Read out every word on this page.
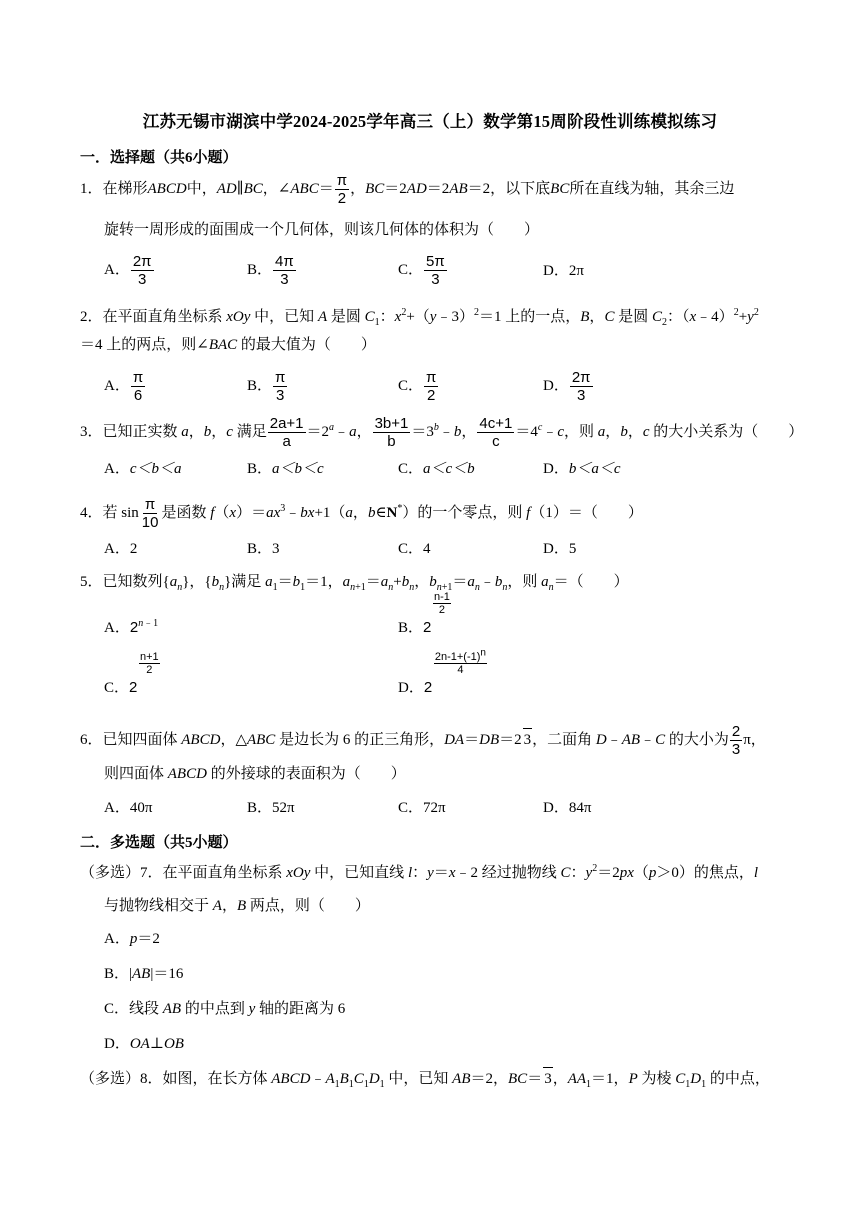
江苏无锡市湖滨中学2024-2025学年高三（上）数学第15周阶段性训练模拟练习
一．选择题（共6小题）
1．在梯形ABCD中，AD∥BC，∠ABC＝ $\frac{\pi}{2}$ ，BC＝2AD＝2AB＝2，以下底BC所在直线为轴，其余三边
旋转一周形成的面围成一个几何体，则该几何体的体积为（　　）
A． $\frac{2\pi}{3}$	B． $\frac{4\pi}{3}$	C． $\frac{5\pi}{3}$	D．2π
2．在平面直角坐标系 xOy 中，已知 A 是圆 $C_1$：$x^2+(y﹣3)^2=1$ 上的一点，B，C 是圆 $C_2$：$(x﹣4)^2+y^2$
＝4 上的两点，则∠BAC 的最大值为（　　）
A． $\frac{\pi}{6}$	B． $\frac{\pi}{3}$	C． $\frac{\pi}{2}$	D． $\frac{2\pi}{3}$
3．已知正实数 a，b，c 满足 $\frac{2a+1}{a}$ $=2^a﹣a$， $\frac{3b+1}{b}$ $=3^b﹣b$， $\frac{4c+1}{c}$ $=4^c﹣c$，则 a，b，c 的大小关系为（　　）
A．c＜b＜a	B．a＜b＜c	C．a＜c＜b	D．b＜a＜c
4．若 $\sin \frac{\pi}{10}$ 是函数 $f(x)=ax^3﹣bx+1(a$，b∈N*）的一个零点，则 f（1）＝（　　）
A．2	B．3	C．4	D．5
5．已知数列$\{a_n\}$，$\{b_n\}$满足 $a_1=b_1=1$，$a_{n+1}=a_n+b_n$，$b_{n+1}=a_n﹣b_n$，则 $a_n=$（　　）
A．$2^{n﹣1}$	B．2
n-1
2
C．2
n+1
2
D．2
$2n-1+(-1)^n$
4
6．已知四面体 ABCD，△ABC 是边长为 6 的正三角形，DA＝DB＝2 3，二面角 D﹣AB﹣C 的大小为 $\frac{2}{3}$ π，
则四面体 ABCD 的外接球的表面积为（　　）
A．40π	B．52π	C．72π	D．84π
二．多选题（共5小题）
（多选）7．在平面直角坐标系 xOy 中，已知直线 l：y＝x﹣2 经过抛物线 C：$y^2=2px(p>0)$的焦点，l
与抛物线相交于 A，B 两点，则（　　）
A．p＝2
B．|AB|＝16
C．线段 AB 的中点到 y 轴的距离为 6
D．OA⊥OB
（多选）8．如图，在长方体 $ABCD﹣A_1B_1C_1D_1$ 中，已知 AB＝2，BC＝ 3，$AA_1=1$，P 为棱 $C_1D_1$ 的中点，
